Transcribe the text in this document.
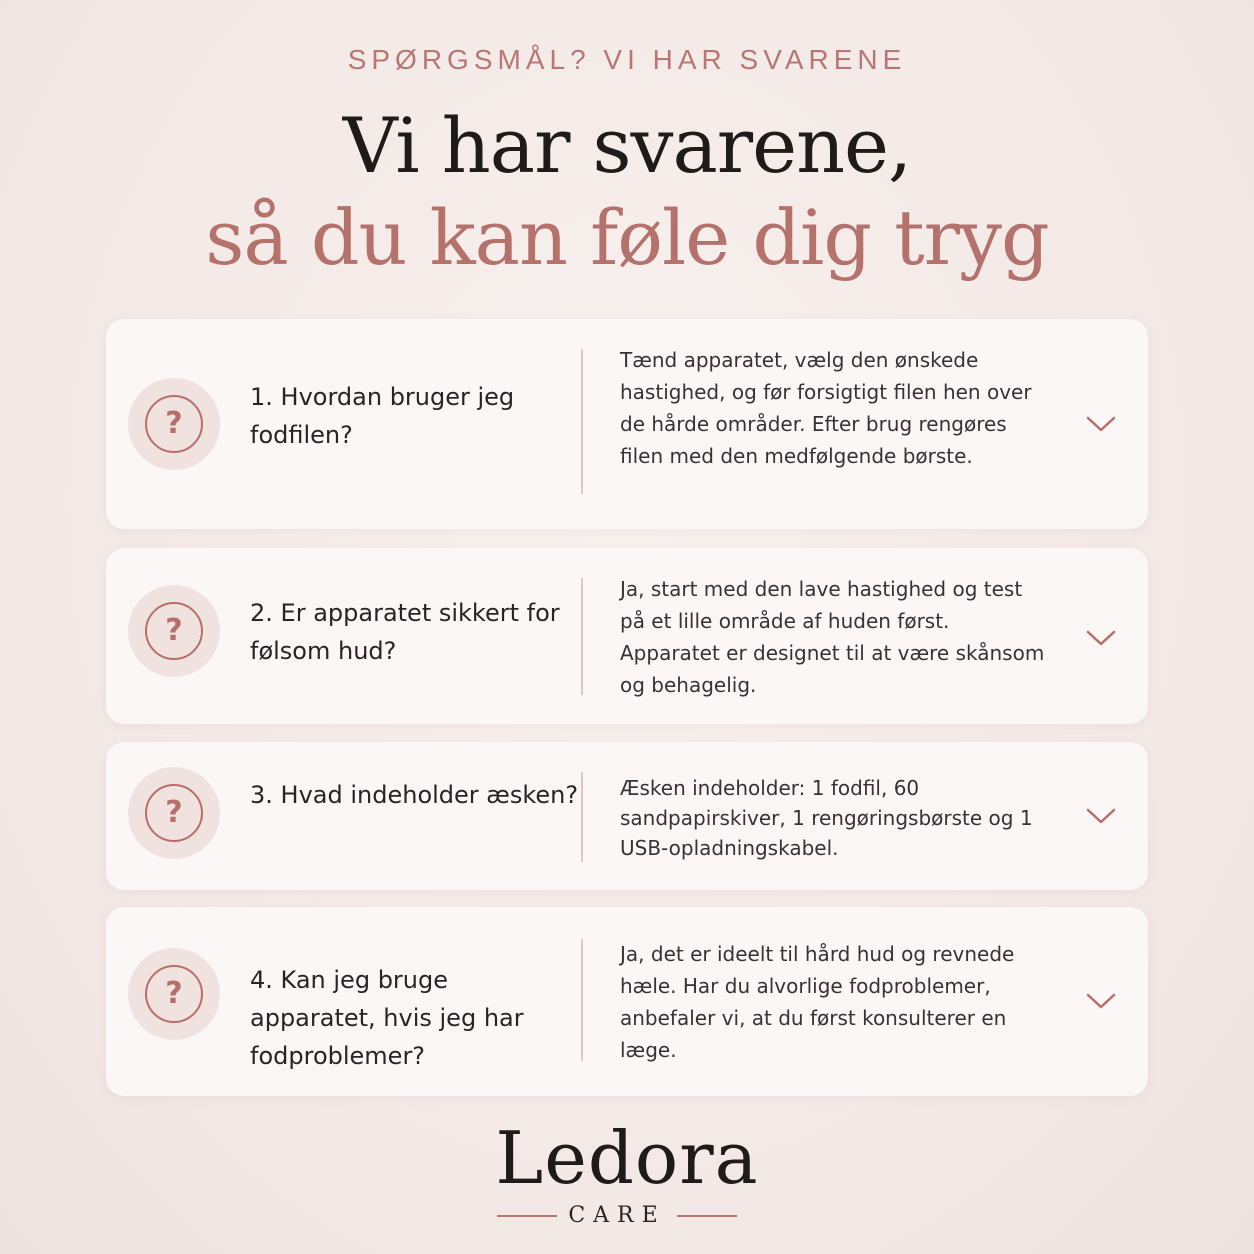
SPØRGSMÅL? VI HAR SVARENE
Vi har svarene,
så du kan føle dig tryg
?
1. Hvordan bruger jeg fodfilen?
Tænd apparatet, vælg den ønskede hastighed, og før forsigtigt filen hen over de hårde områder. Efter brug rengøres filen med den medfølgende børste.
?	2. Er apparatet sikkert for følsom hud?
Ja, start med den lave hastighed og test på et lille område af huden først. Apparatet er designet til at være skånsom og behagelig.
?	3. Hvad indeholder æsken? Æsken indeholder: 1 fodfil, 60 sandpapirskiver, 1 rengøringsbørste og 1 USB-opladningskabel.
?	4. Kan jeg bruge apparatet, hvis jeg har fodproblemer?
Ja, det er ideelt til hård hud og revnede hæle. Har du alvorlige fodproblemer, anbefaler vi, at du først konsulterer en læge.
Ledora
CARE
